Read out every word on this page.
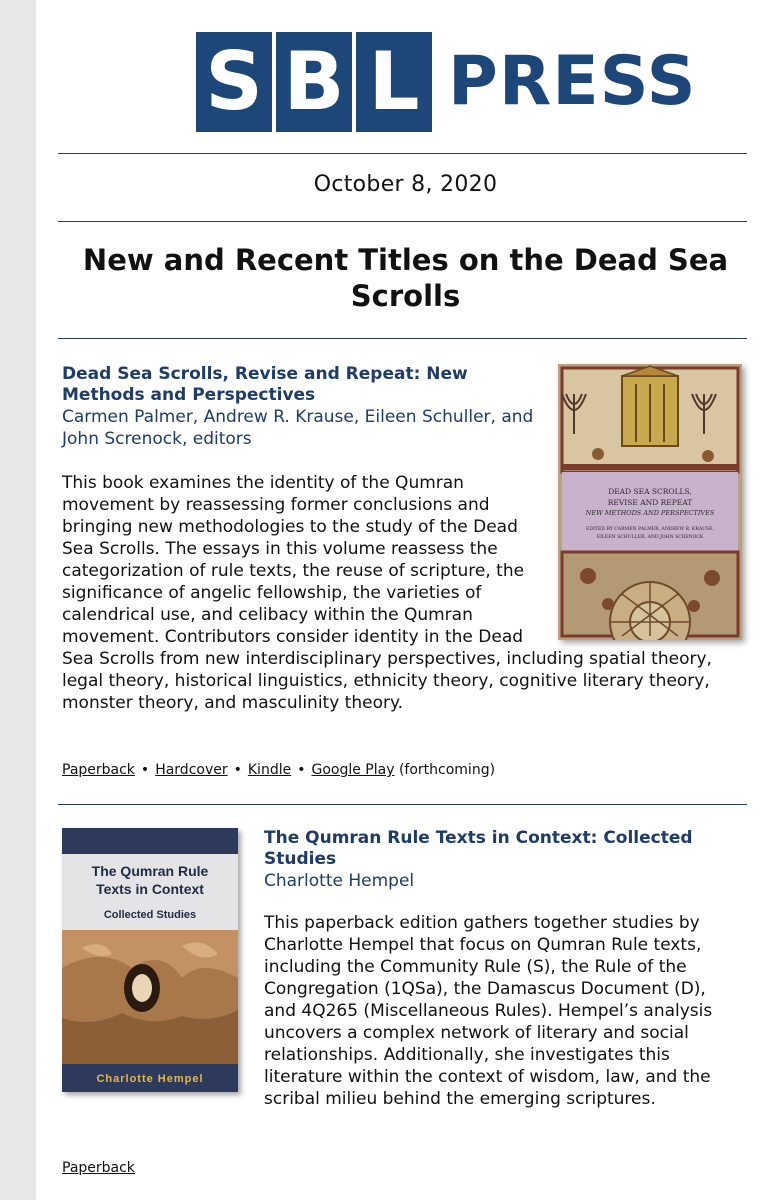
S B L PRESS
October 8, 2020
New and Recent Titles on the Dead Sea Scrolls
DEAD SEA SCROLLS,
REVISE AND REPEAT
NEW METHODS AND PERSPECTIVES
EDITED BY CARMEN PALMER, ANDREW R. KRAUSE,
EILEEN SCHULLER, AND JOHN SCRENOCK
Dead Sea Scrolls, Revise and Repeat: New Methods and Perspectives
Carmen Palmer, Andrew R. Krause, Eileen Schuller, and John Screnock, editors
This book examines the identity of the Qumran movement by reassessing former conclusions and bringing new methodologies to the study of the Dead Sea Scrolls. The essays in this volume reassess the categorization of rule texts, the reuse of scripture, the significance of angelic fellowship, the varieties of calendrical use, and celibacy within the Qumran movement. Contributors consider identity in the Dead Sea Scrolls from new interdisciplinary perspectives, including spatial theory, legal theory, historical linguistics, ethnicity theory, cognitive literary theory, monster theory, and masculinity theory.
Paperback • Hardcover • Kindle • Google Play (forthcoming)
The Qumran Rule
Texts in Context
Collected Studies
Charlotte Hempel
The Qumran Rule Texts in Context: Collected Studies
Charlotte Hempel
This paperback edition gathers together studies by Charlotte Hempel that focus on Qumran Rule texts, including the Community Rule (S), the Rule of the Congregation (1QSa), the Damascus Document (D), and 4Q265 (Miscellaneous Rules). Hempel’s analysis uncovers a complex network of literary and social relationships. Additionally, she investigates this literature within the context of wisdom, law, and the scribal milieu behind the emerging scriptures.
Paperback
